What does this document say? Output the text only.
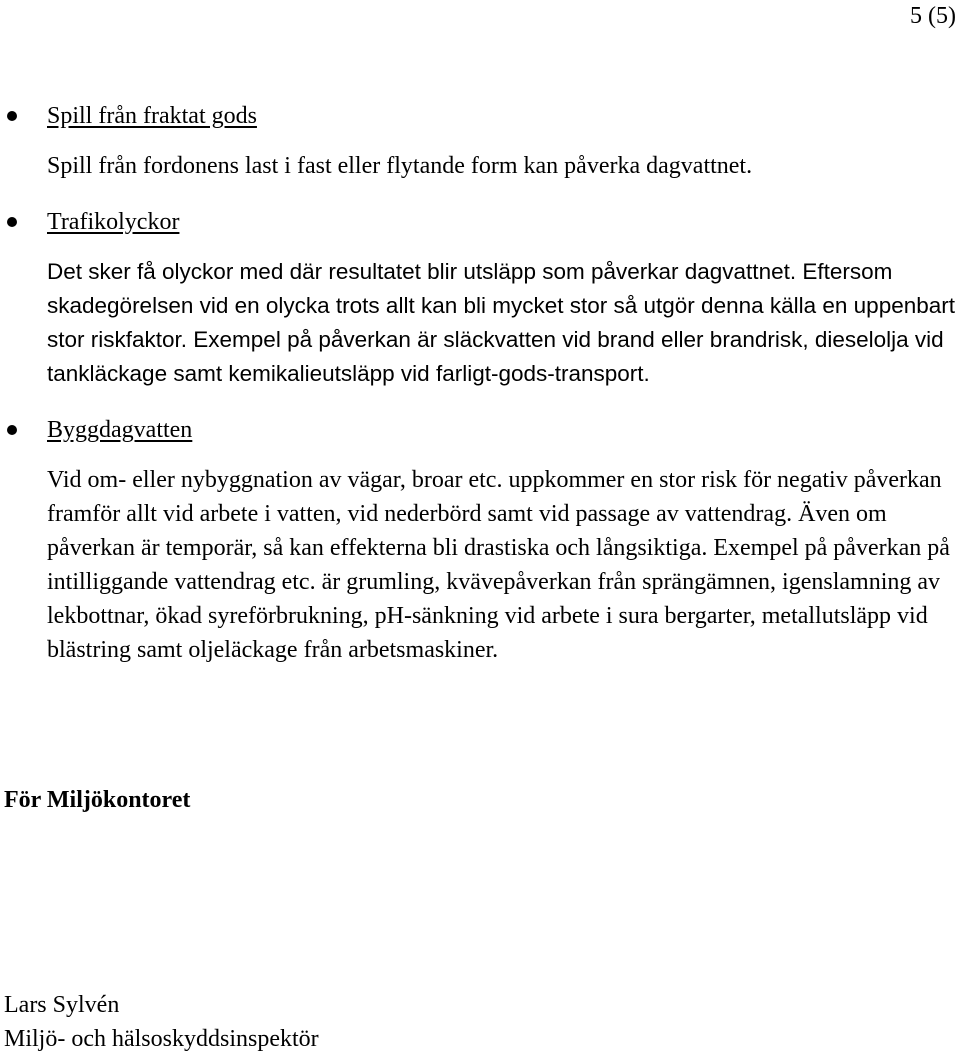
5 (5)

Spill från fraktat gods

Spill från fordonens last i fast eller flytande form kan påverka dagvattnet.

Trafikolyckor

Det sker få olyckor med där resultatet blir utsläpp som påverkar dagvattnet. Eftersom skadegörelsen vid en olycka trots allt kan bli mycket stor så utgör denna källa en uppenbart stor riskfaktor. Exempel på påverkan är släckvatten vid brand eller brandrisk, dieselolja vid tankläckage samt kemikalieutsläpp vid farligt-gods-transport.

Byggdagvatten

Vid om- eller nybyggnation av vägar, broar etc. uppkommer en stor risk för negativ påverkan framför allt vid arbete i vatten, vid nederbörd samt vid passage av vattendrag. Även om påverkan är temporär, så kan effekterna bli drastiska och långsiktiga. Exempel på påverkan på intilliggande vattendrag etc. är grumling, kvävepåverkan från sprängämnen, igenslamning av lekbottnar, ökad syreförbrukning, pH-sänkning vid arbete i sura bergarter, metallutsläpp vid blästring samt oljeläckage från arbetsmaskiner.

För Miljökontoret

Lars Sylvén
Miljö- och hälsoskyddsinspektör
